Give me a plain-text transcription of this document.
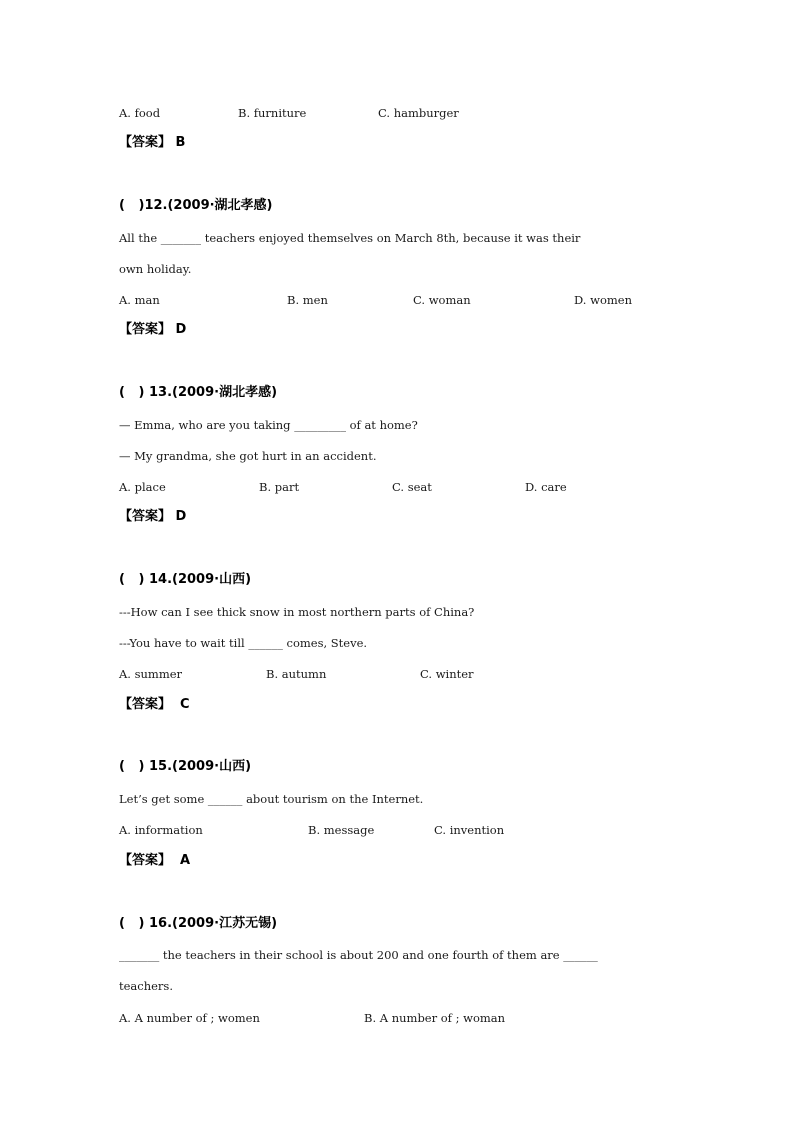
A. food

	B. furniture

	C. hamburger

【答案】 B
(   )12.(2009·湖北孝感)
All the _______ teachers enjoyed themselves on March 8th, because it was their
own holiday.

A. man

	B. men

	C. woman

	D. women

【答案】 D
(   ) 13.(2009·湖北孝感)
— Emma, who are you taking _________ of at home?
— My grandma, she got hurt in an accident.

A. place

	B. part

	C. seat

	D. care

【答案】 D
(   ) 14.(2009·山西)
---How can I see thick snow in most northern parts of China?
---You have to wait till ______ comes, Steve.

A. summer

	B. autumn

	C. winter

【答案】  C
(   ) 15.(2009·山西)
Let’s get some ______ about tourism on the Internet.

A. information

	B. message

	C. invention

【答案】  A
(   ) 16.(2009·江苏无锡)
_______ the teachers in their school is about 200 and one fourth of them are ______
teachers.

A. A number of ; women

	B. A number of ; woman
